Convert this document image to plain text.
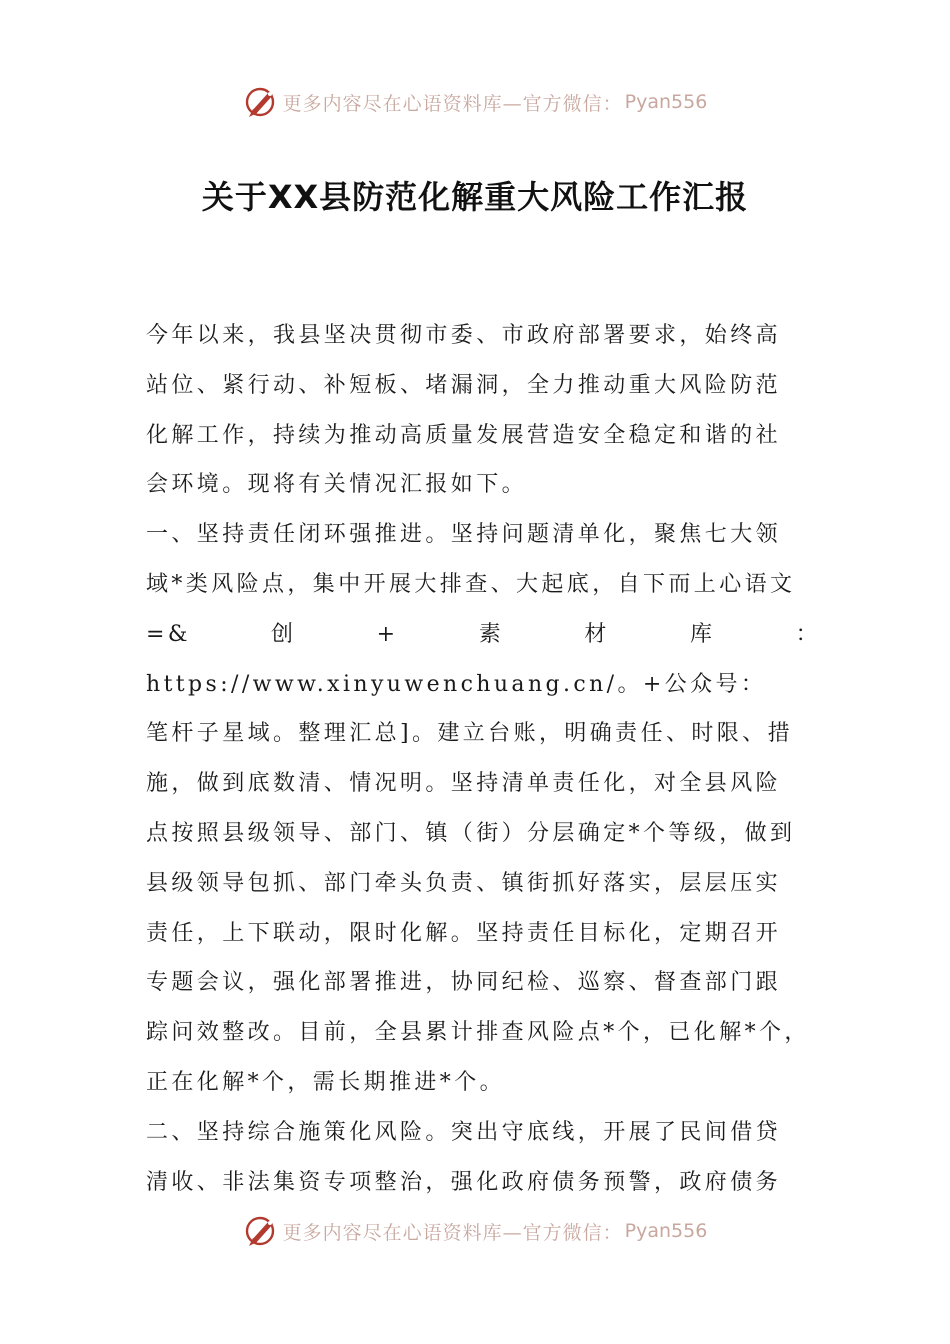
更多内容尽在心语资料库—官方微信： Pyan556
关于XX县防范化解重大风险工作汇报

今年以来，我县坚决贯彻市委、市政府部署要求，始终高
站位、紧行动、补短板、堵漏洞，全力推动重大风险防范
化解工作，持续为推动高质量发展营造安全稳定和谐的社
会环境。现将有关情况汇报如下。

一、坚持责任闭环强推进。坚持问题清单化，聚焦七大领
域*类风险点，集中开展大排查、大起底，自下而上心语文
=&创+素材库：https://www.xinyuwenchuang.cn/。+公众号：
笔杆子星域。整理汇总]。建立台账，明确责任、时限、措
施，做到底数清、情况明。坚持清单责任化，对全县风险
点按照县级领导、部门、镇（街）分层确定*个等级，做到
县级领导包抓、部门牵头负责、镇街抓好落实，层层压实
责任，上下联动，限时化解。坚持责任目标化，定期召开
专题会议，强化部署推进，协同纪检、巡察、督查部门跟
踪问效整改。目前，全县累计排查风险点*个，已化解*个，
正在化解*个，需长期推进*个。

二、坚持综合施策化风险。突出守底线，开展了民间借贷
清收、非法集资专项整治，强化政府债务预警，政府债务

更多内容尽在心语资料库—官方微信： Pyan556
